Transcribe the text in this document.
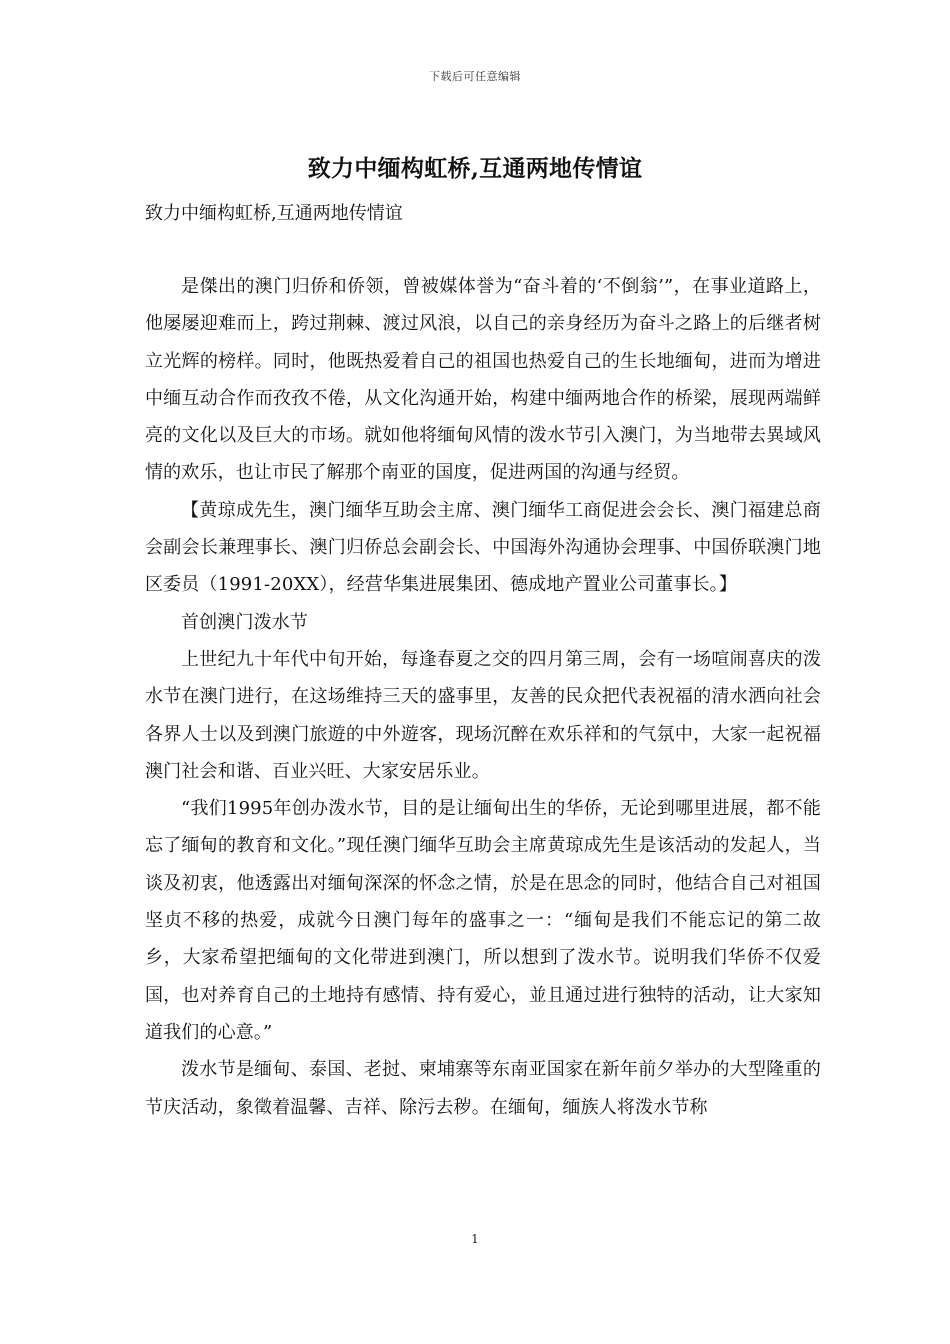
下载后可任意编辑
致力中缅构虹桥,互通两地传情谊

致力中缅构虹桥,互通两地传情谊

是傑出的澳门归侨和侨领，曾被媒体誉为“奋斗着的‘不倒翁’”，在事业道路上，他屡屡迎难而上，跨过荆棘、渡过风浪，以自己的亲身经历为奋斗之路上的后继者树立光辉的榜样。同时，他既热爱着自己的祖国也热爱自己的生长地缅甸，进而为增进中缅互动合作而孜孜不倦，从文化沟通开始，构建中缅两地合作的桥梁，展现两端鲜亮的文化以及巨大的市场。就如他将缅甸风情的泼水节引入澳门，为当地带去異域风情的欢乐，也让市民了解那个南亚的国度，促进两国的沟通与经贸。

【黄琼成先生，澳门缅华互助会主席、澳门缅华工商促进会会长、澳门福建总商会副会长兼理事长、澳门归侨总会副会长、中国海外沟通协会理事、中国侨联澳门地区委员（1991-20XX），经营华集进展集团、德成地产置业公司董事长。】

首创澳门泼水节

上世纪九十年代中旬开始，每逢春夏之交的四月第三周，会有一场喧闹喜庆的泼水节在澳门进行，在这场维持三天的盛事里，友善的民众把代表祝福的清水洒向社会各界人士以及到澳门旅遊的中外遊客，现场沉醉在欢乐祥和的气氛中，大家一起祝福澳门社会和谐、百业兴旺、大家安居乐业。

“我们1995年创办泼水节，目的是让缅甸出生的华侨，无论到哪里进展，都不能忘了缅甸的教育和文化。”现任澳门缅华互助会主席黄琼成先生是该活动的发起人，当谈及初衷，他透露出对缅甸深深的怀念之情，於是在思念的同时，他结合自己对祖国坚贞不移的热爱，成就今日澳门每年的盛事之一：“缅甸是我们不能忘记的第二故乡，大家希望把缅甸的文化带进到澳门，所以想到了泼水节。说明我们华侨不仅爱国，也对养育自己的土地持有感情、持有爱心，並且通过进行独特的活动，让大家知道我们的心意。”

泼水节是缅甸、泰国、老挝、柬埔寨等东南亚国家在新年前夕举办的大型隆重的节庆活动，象徵着温馨、吉祥、除污去秽。在缅甸，缅族人将泼水节称

1
